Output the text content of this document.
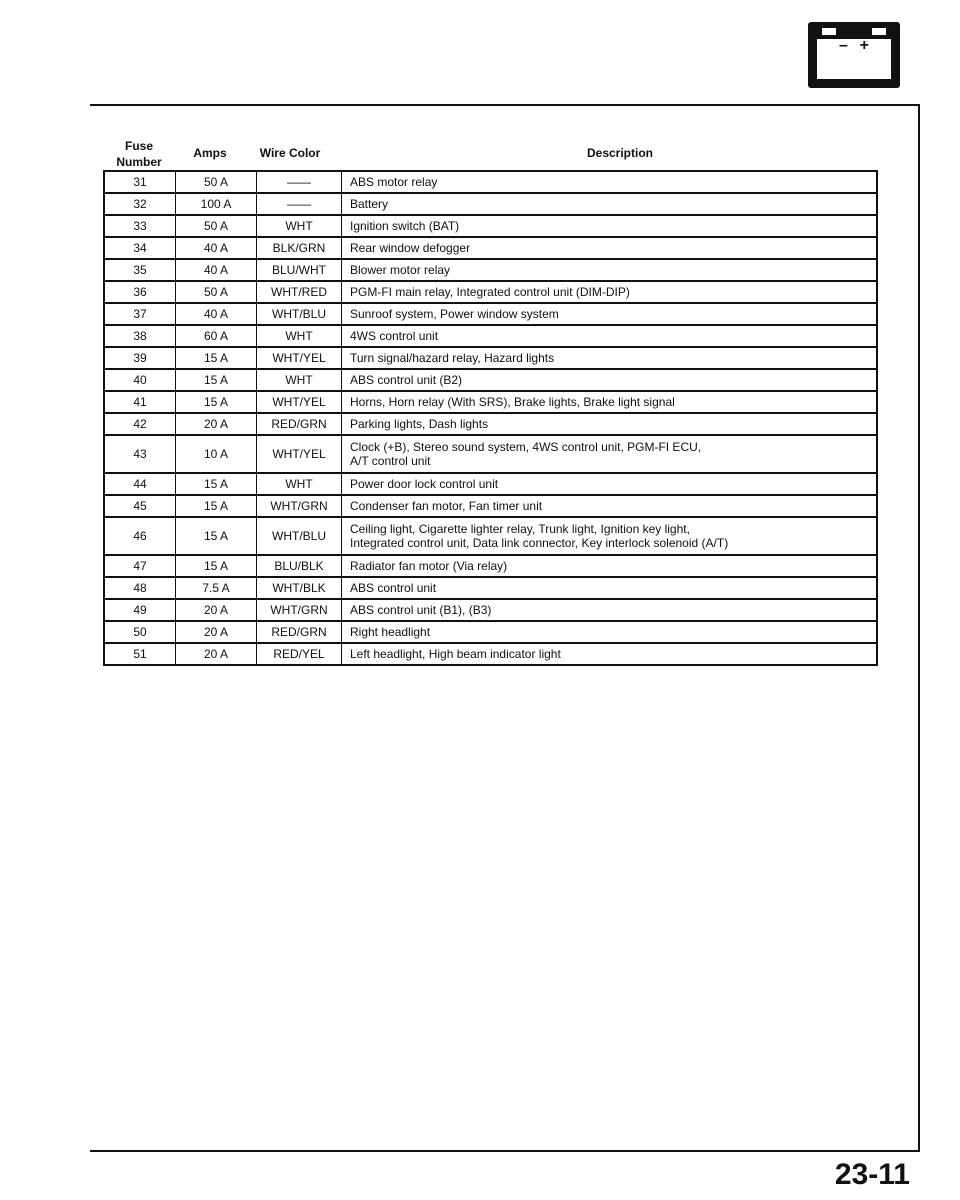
– +
Fuse
Number
Amps	Wire Color	Description
31	50 A	——	ABS motor relay
32	100 A	——	Battery
33	50 A	WHT	Ignition switch (BAT)
34	40 A	BLK/GRN	Rear window defogger
35	40 A	BLU/WHT	Blower motor relay
36	50 A	WHT/RED	PGM-FI main relay, Integrated control unit (DIM-DIP)
37	40 A	WHT/BLU	Sunroof system, Power window system
38	60 A	WHT	4WS control unit
39	15 A	WHT/YEL	Turn signal/hazard relay, Hazard lights
40	15 A	WHT	ABS control unit (B2)
41	15 A	WHT/YEL	Horns, Horn relay (With SRS), Brake lights, Brake light signal
42	20 A	RED/GRN	Parking lights, Dash lights
43	10 A	WHT/YEL	Clock (+B), Stereo sound system, 4WS control unit, PGM-FI ECU,
A/T control unit
44	15 A	WHT	Power door lock control unit
45	15 A	WHT/GRN	Condenser fan motor, Fan timer unit
46	15 A	WHT/BLU	Ceiling light, Cigarette lighter relay, Trunk light, Ignition key light,
Integrated control unit, Data link connector, Key interlock solenoid (A/T)
47	15 A	BLU/BLK	Radiator fan motor (Via relay)
48	7.5 A	WHT/BLK	ABS control unit
49	20 A	WHT/GRN	ABS control unit (B1), (B3)
50	20 A	RED/GRN	Right headlight
51	20 A	RED/YEL	Left headlight, High beam indicator light
23-11
